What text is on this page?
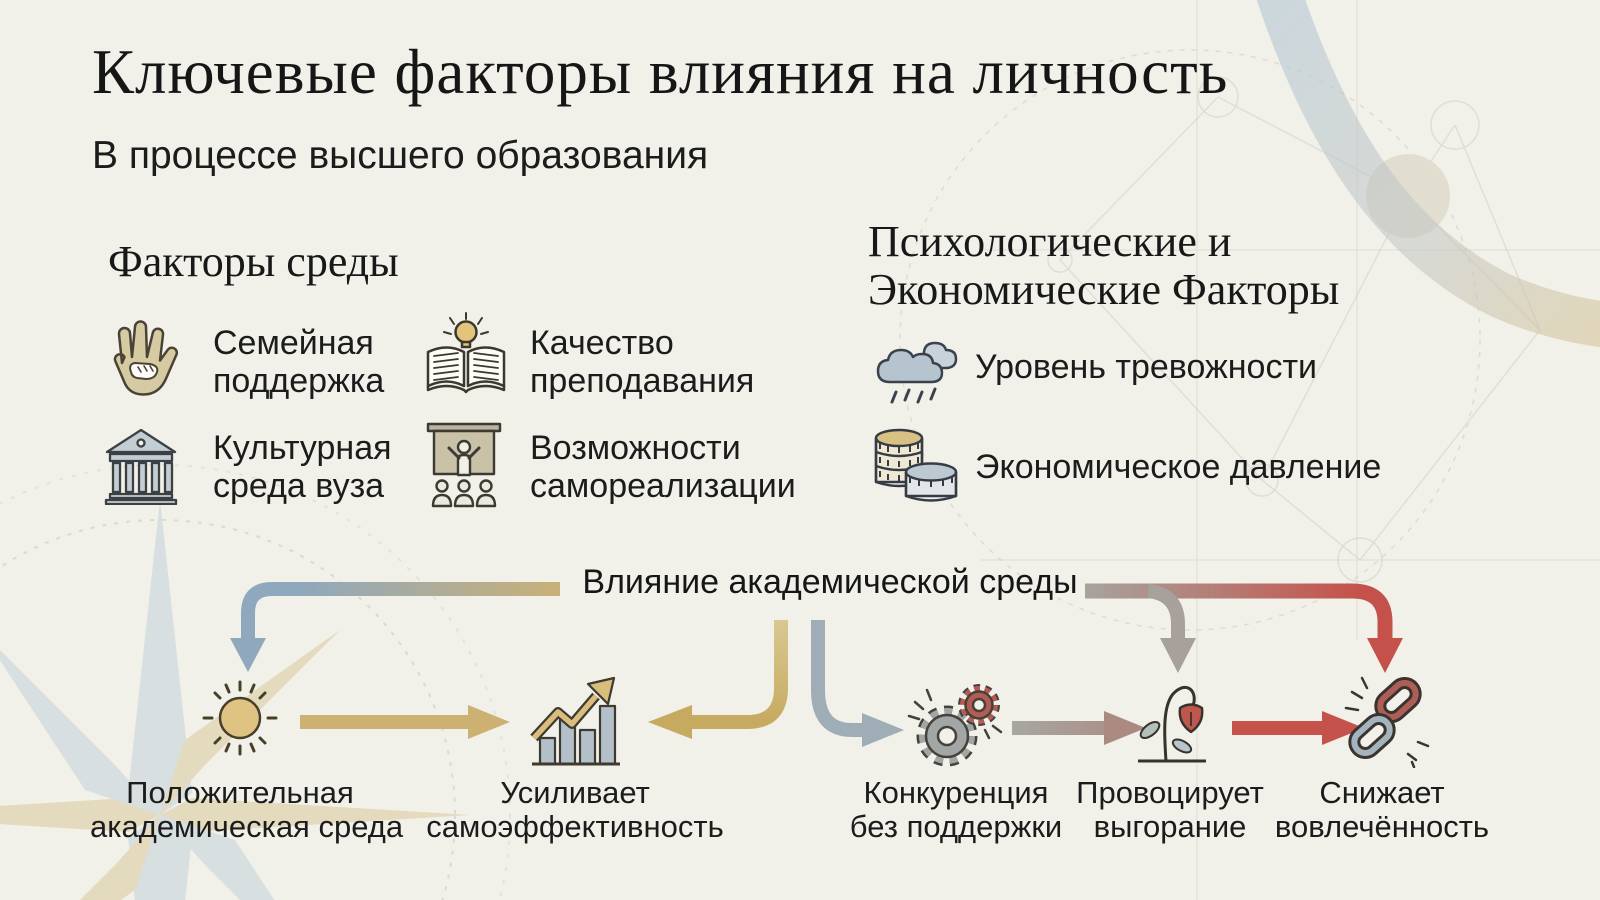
Ключевые факторы влияния на личность
В процессе высшего образования
Факторы среды
Семейная
поддержка
Качество
преподавания
Культурная
среда вуза
Возможности
самореализации
Психологические и
Экономические Факторы
Уровень тревожности
Экономическое давление
Влияние академической среды
Положительная
академическая среда
Усиливает
самоэффективность
Конкуренция
без поддержки
Провоцирует
выгорание
Снижает
вовлечённость
